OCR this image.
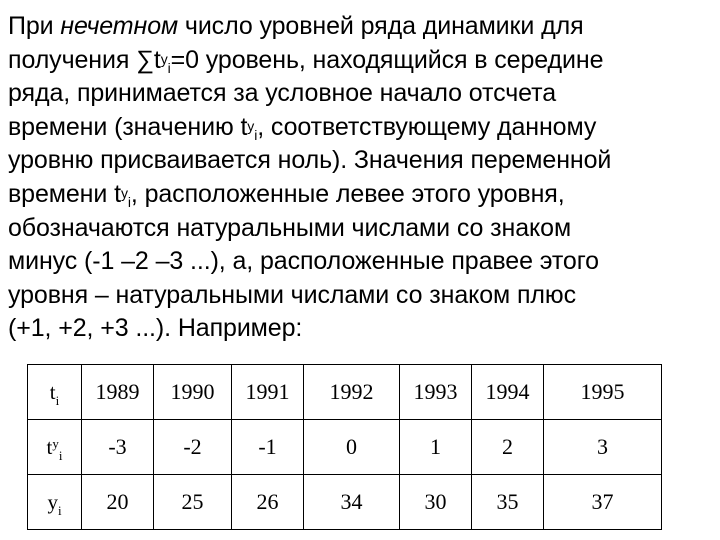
При нечетном число уровней ряда динамики для
получения $\sum t^y_i=0$ уровень, находящийся в середине
ряда, принимается за условное начало отсчета
времени (значению $t^y_i$, соответствующему данному
уровню присваивается ноль). Значения переменной
времени $t^y_i$, расположенные левее этого уровня,
обозначаются натуральными числами со знаком
минус (-1 –2 –3 ...), а, расположенные правее этого
уровня – натуральными числами со знаком плюс
(+1, +2, +3 ...). Например:
$t_i$	1989	1990	1991	1992	1993	1994	1995
$t^y_i$	-3	-2	-1	0	1	2	3
$y_i$	20	25	26	34	30	35	37
